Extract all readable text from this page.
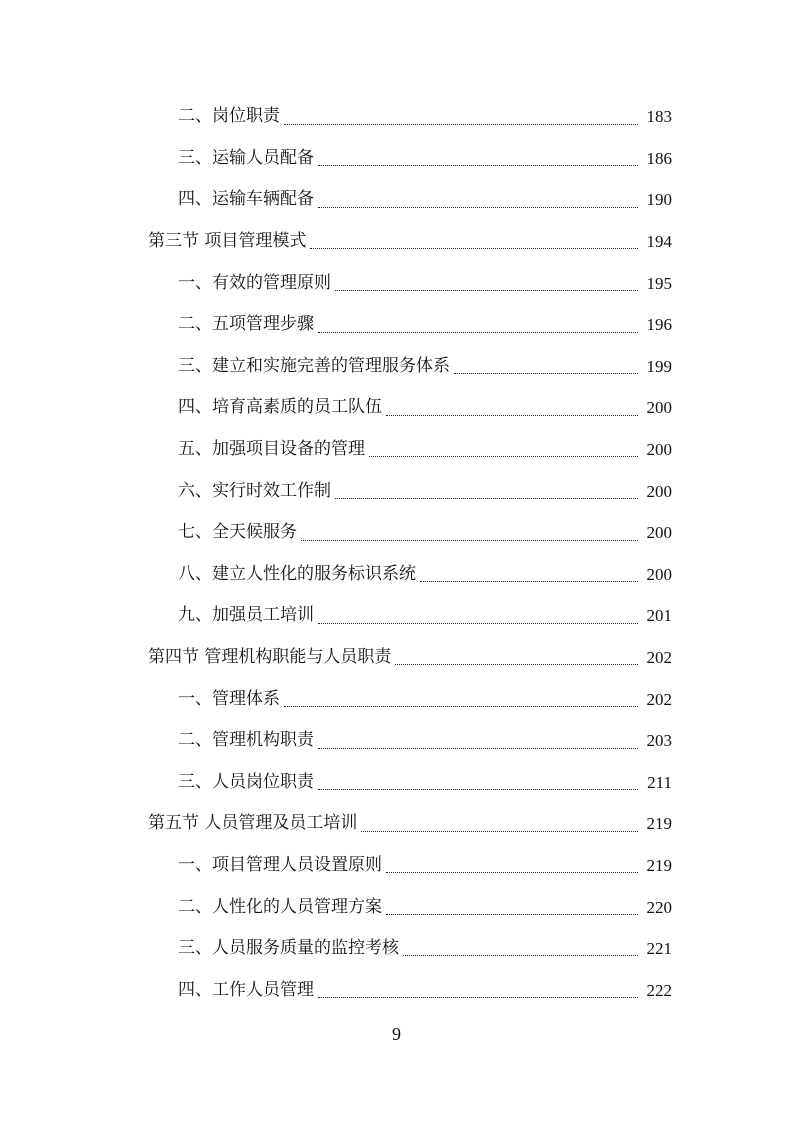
二、岗位职责	183
三、运输人员配备	186
四、运输车辆配备	190
第三节 项目管理模式	194
一、有效的管理原则	195
二、五项管理步骤	196
三、建立和实施完善的管理服务体系	199
四、培育高素质的员工队伍	200
五、加强项目设备的管理	200
六、实行时效工作制	200
七、全天候服务	200
八、建立人性化的服务标识系统	200
九、加强员工培训	201
第四节 管理机构职能与人员职责	202
一、管理体系	202
二、管理机构职责	203
三、人员岗位职责	211
第五节 人员管理及员工培训	219
一、项目管理人员设置原则	219
二、人性化的人员管理方案	220
三、人员服务质量的监控考核	221
四、工作人员管理	222
9
